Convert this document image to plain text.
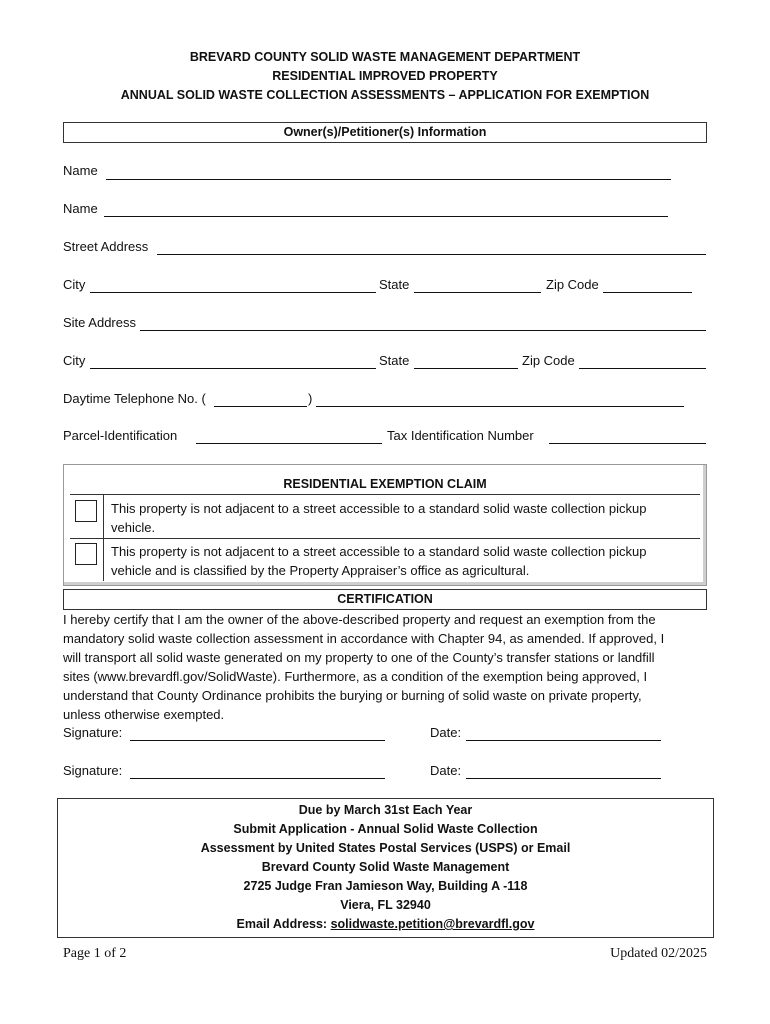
BREVARD COUNTY SOLID WASTE MANAGEMENT DEPARTMENT
RESIDENTIAL IMPROVED PROPERTY
ANNUAL SOLID WASTE COLLECTION ASSESSMENTS – APPLICATION FOR EXEMPTION
Owner(s)/Petitioner(s) Information
Name
Name
Street Address
City	State	Zip Code
Site Address
City	State	Zip Code
Daytime Telephone No. (	)
Parcel-Identification	Tax Identification Number
RESIDENTIAL EXEMPTION CLAIM
This property is not adjacent to a street accessible to a standard solid waste collection pickup
vehicle.
This property is not adjacent to a street accessible to a standard solid waste collection pickup
vehicle and is classified by the Property Appraiser’s office as agricultural.
CERTIFICATION
I hereby certify that I am the owner of the above-described property and request an exemption from the
mandatory solid waste collection assessment in accordance with Chapter 94, as amended. If approved, I
will transport all solid waste generated on my property to one of the County’s transfer stations or landfill
sites (www.brevardfl.gov/SolidWaste). Furthermore, as a condition of the exemption being approved, I
understand that County Ordinance prohibits the burying or burning of solid waste on private property,
unless otherwise exempted.
Signature:	Date:
Signature:	Date:
Due by March 31st Each Year
Submit Application - Annual Solid Waste Collection
Assessment by United States Postal Services (USPS) or Email
Brevard County Solid Waste Management
2725 Judge Fran Jamieson Way, Building A -118
Viera, FL 32940
Email Address: solidwaste.petition@brevardfl.gov
Page 1 of 2	Updated 02/2025
